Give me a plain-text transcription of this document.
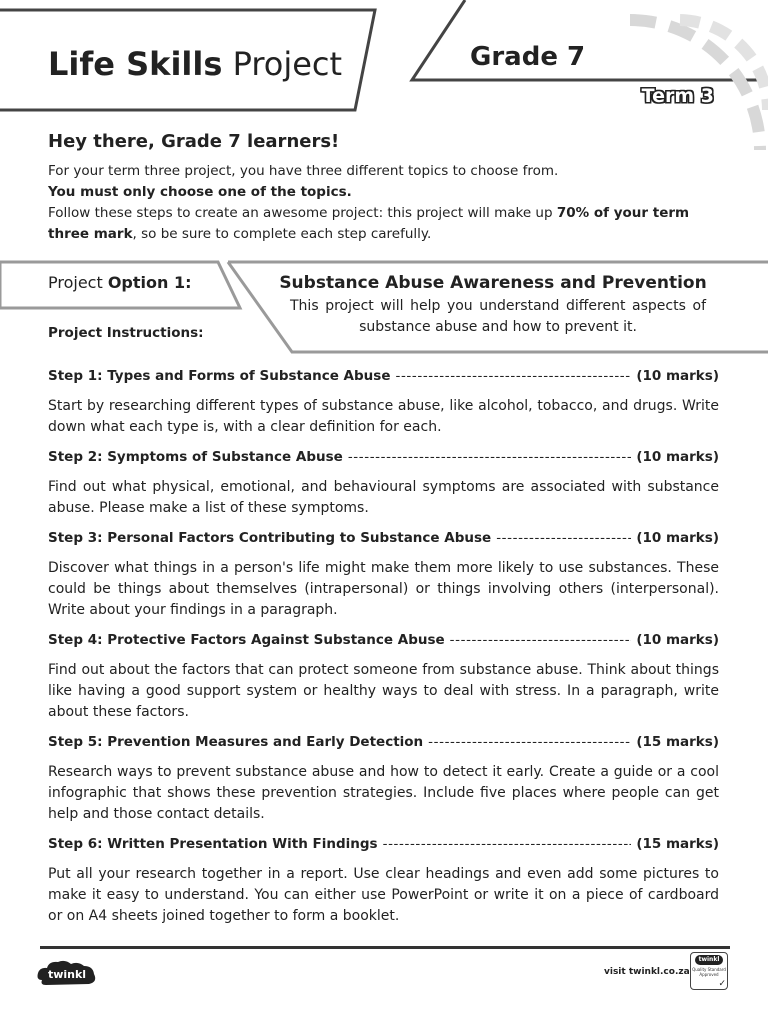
Life Skills Project	Grade 7
Term 3
Hey there, Grade 7 learners!
For your term three project, you have three different topics to choose from.
You must only choose one of the topics.
Follow these steps to create an awesome project: this project will make up 70% of your term three mark, so be sure to complete each step carefully.
Project Option 1:	Substance Abuse Awareness and Prevention
This project will help you understand different aspects of substance abuse and how to prevent it.
Project Instructions:
Step 1: Types and Forms of Substance Abuse -----	(10 marks)
Start by researching different types of substance abuse, like alcohol, tobacco, and drugs. Write down what each type is, with a clear definition for each.
Step 2: Symptoms of Substance Abuse -----	(10 marks)
Find out what physical, emotional, and behavioural symptoms are associated with substance abuse. Please make a list of these symptoms.
Step 3: Personal Factors Contributing to Substance Abuse -----	(10 marks)
Discover what things in a person's life might make them more likely to use substances. These could be things about themselves (intrapersonal) or things involving others (interpersonal). Write about your findings in a paragraph.
Step 4: Protective Factors Against Substance Abuse -----	(10 marks)
Find out about the factors that can protect someone from substance abuse. Think about things like having a good support system or healthy ways to deal with stress. In a paragraph, write about these factors.
Step 5: Prevention Measures and Early Detection -----	(15 marks)
Research ways to prevent substance abuse and how to detect it early. Create a guide or a cool infographic that shows these prevention strategies. Include five places where people can get help and those contact details.
Step 6: Written Presentation With Findings -----	(15 marks)
Put all your research together in a report. Use clear headings and even add some pictures to make it easy to understand. You can either use PowerPoint or write it on a piece of cardboard or on A4 sheets joined together to form a booklet.
twinkl	visit twinkl.co.za
twinkl
Quality Standard Approved
✓
